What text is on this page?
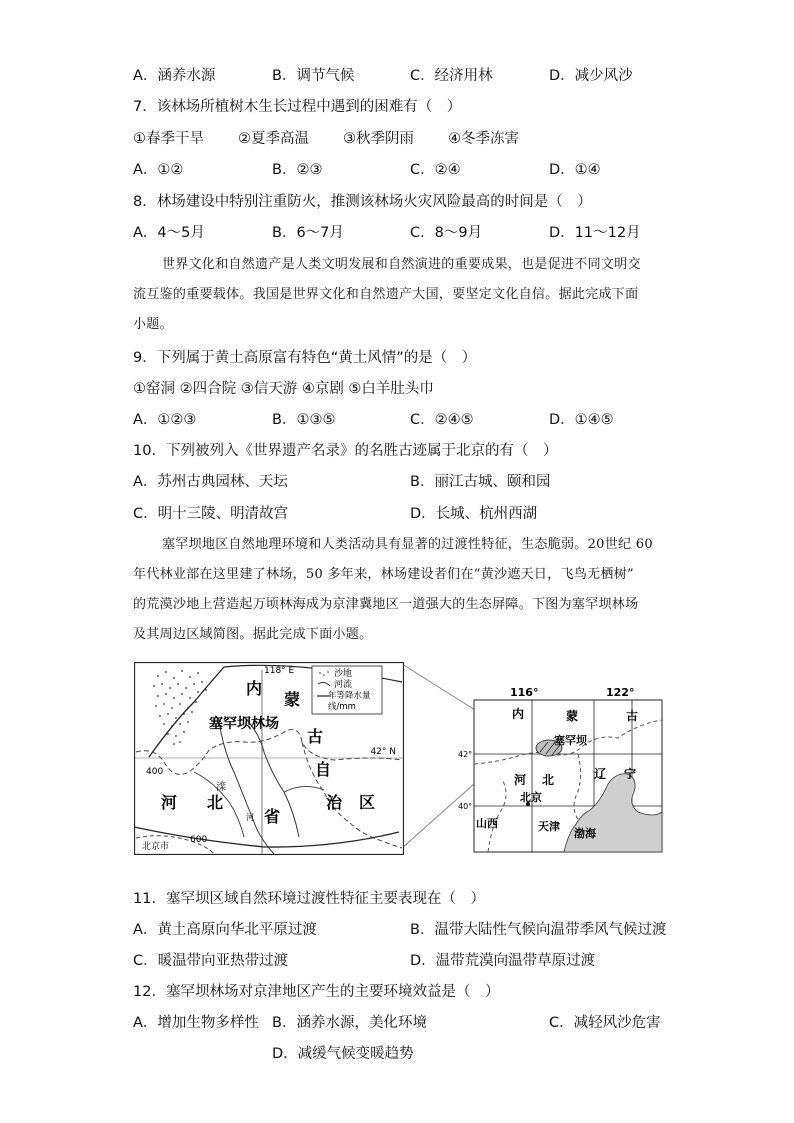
A．涵养水源	B．调节气候	C．经济用林	D．减少风沙
7．该林场所植树木生长过程中遇到的困难有（　）
①春季干旱 ②夏季高温 ③秋季阴雨 ④冬季冻害
A．①②	B．②③	C．②④	D．①④
8．林场建设中特别注重防火，推测该林场火灾风险最高的时间是（　）
A．4～5月	B．6～7月	C．8～9月	D．11～12月
世界文化和自然遗产是人类文明发展和自然演进的重要成果，也是促进不同文明交
流互鉴的重要载体。我国是世界文化和自然遗产大国，要坚定文化自信。据此完成下面
小题。
9．下列属于黄土高原富有特色“黄土风情”的是（　）
①窑洞 ②四合院 ③信天游 ④京剧 ⑤白羊肚头巾
A．①②③	B．①③⑤	C．②④⑤	D．①④⑤
10．下列被列入《世界遗产名录》的名胜古迹属于北京的有（　）
A．苏州古典园林、天坛	B．丽江古城、颐和园
C．明十三陵、明清故宫	D．长城、杭州西湖
塞罕坝地区自然地理环境和人类活动具有显著的过渡性特征，生态脆弱。20世纪 60
年代林业部在这里建了林场，50 多年来，林场建设者们在“黄沙遮天日，飞鸟无栖树”
的荒漠沙地上营造起万顷林海成为京津冀地区一道强大的生态屏障。下图为塞罕坝林场
及其周边区域简图。据此完成下面小题。
118° E
42° N
内
蒙
古
自
治 区
河 北
省
塞罕坝林场
滦
河
400
600
北京市
沙地
河流
年等降水量
线/mm
116°	122°
42°
40°
内	蒙	古
塞罕坝
河 北	辽 宁
北京
山西	天津
渤海
11．塞罕坝区域自然环境过渡性特征主要表现在（　）
A．黄土高原向华北平原过渡	B．温带大陆性气候向温带季风气候过渡
C．暖温带向亚热带过渡	D．温带荒漠向温带草原过渡
12．塞罕坝林场对京津地区产生的主要环境效益是（　）
A．增加生物多样性 B．涵养水源，美化环境	C．减轻风沙危害
D．减缓气候变暖趋势
